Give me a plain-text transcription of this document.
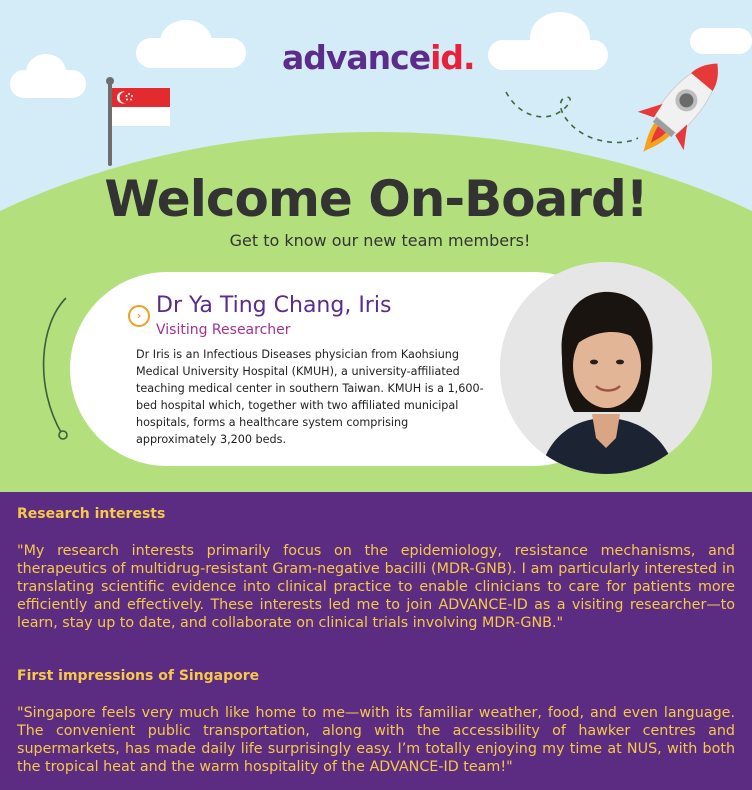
advanceid.
Welcome On-Board!
Get to know our new team members!
› Dr Ya Ting Chang, Iris
Visiting Researcher
Dr Iris is an Infectious Diseases physician from Kaohsiung Medical University Hospital (KMUH), a university-affiliated teaching medical center in southern Taiwan. KMUH is a 1,600-bed hospital which, together with two affiliated municipal hospitals, forms a healthcare system comprising approximately 3,200 beds.
Research interests
"My research interests primarily focus on the epidemiology, resistance mechanisms, and therapeutics of multidrug-resistant Gram-negative bacilli (MDR-GNB). I am particularly interested in translating scientific evidence into clinical practice to enable clinicians to care for patients more efficiently and effectively. These interests led me to join ADVANCE-ID as a visiting researcher—to learn, stay up to date, and collaborate on clinical trials involving MDR-GNB."
First impressions of Singapore
"Singapore feels very much like home to me—with its familiar weather, food, and even language. The convenient public transportation, along with the accessibility of hawker centres and supermarkets, has made daily life surprisingly easy. I’m totally enjoying my time at NUS, with both the tropical heat and the warm hospitality of the ADVANCE-ID team!"
